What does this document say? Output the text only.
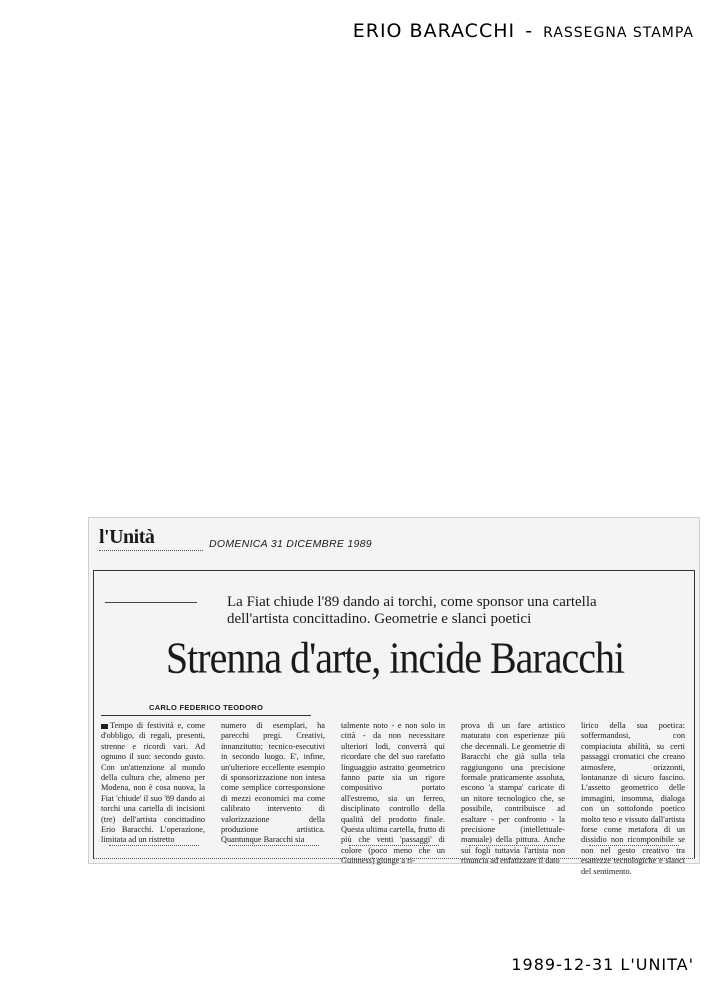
ERIO BARACCHI - RASSEGNA STAMPA
l'Unità	DOMENICA 31 DICEMBRE 1989
La Fiat chiude l'89 dando ai torchi, come sponsor una cartella dell'artista concittadino. Geometrie e slanci poetici
Strenna d'arte, incide Baracchi
CARLO FEDERICO TEODORO
Tempo di festività e, come d'obbligo, di regali, presenti, strenne e ricordi vari. Ad ognuno il suo: secondo gusto. Con un'attenzione al mondo della cultura che, almeno per Modena, non è cosa nuova, la Fiat 'chiude' il suo '89 dando ai torchi una cartella di incisioni (tre) dell'artista concittadino Erio Baracchi. L'operazione, limitata ad un ristretto
numero di esemplari, ha parecchi pregi. Creativi, innanzitutto; tecnico-esecutivi in secondo luogo. E', infine, un'ulteriore eccellente esempio di sponsorizzazione non intesa come semplice corresponsione di mezzi economici ma come calibrato intervento di valorizzazione della produzione artistica. Quantunque Baracchi sia
talmente noto - e non solo in città - da non necessitare ulteriori lodi, converrà qui ricordare che del suo rarefatto linguaggio astratto geometrico fanno parte sia un rigore compositivo portato all'estremo, sia un ferreo, disciplinato controllo della qualità del prodotto finale. Questa ultima cartella, frutto di più che venti 'passaggi' di colore (poco meno che un Guinness) giunge a ri-
prova di un fare artistico maturato con esperienze più che decennali. Le geometrie di Baracchi che già sulla tela raggiungono una precisione formale praticamente assoluta, escono 'a stampa' caricate di un nitore tecnologico che, se possibile, contribuisce ad esaltare - per confronto - la precisione (intellettuale-manuale) della pittura. Anche sui fogli tuttavia l'artista non rinuncia ad enfatizzare il dato
lirico della sua poetica: soffermandosi, con compiaciuta abilità, su certi passaggi cromatici che creano atmosfere, orizzonti, lontananze di sicuro fascino. L'assetto geometrico delle immagini, insomma, dialoga con un sottofondo poetico molto teso e vissuto dall'artista forse come metafora di un dissidio non ricomponibile se non nel gesto creativo tra esattezze tecnologiche e slanci del sentimento.
1989-12-31 L'UNITA'
